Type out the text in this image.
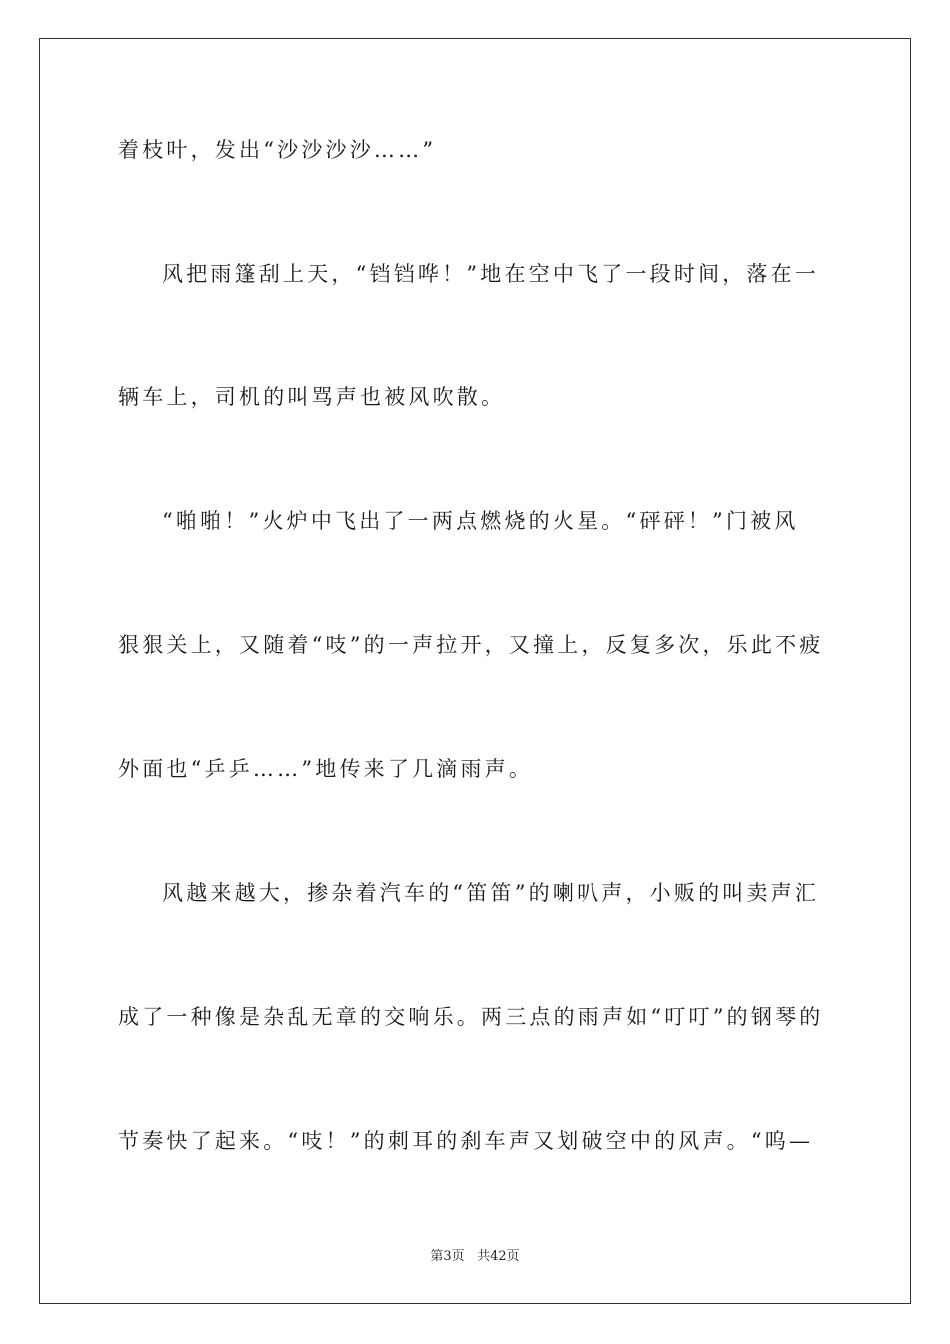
着枝叶，发出“沙沙沙沙……”
风把雨篷刮上天，“铛铛哗！”地在空中飞了一段时间，落在一
辆车上，司机的叫骂声也被风吹散。
“啪啪！”火炉中飞出了一两点燃烧的火星。“砰砰！”门被风
狠狠关上，又随着“吱”的一声拉开，又撞上，反复多次，乐此不疲
外面也“乒乒……”地传来了几滴雨声。
风越来越大，掺杂着汽车的“笛笛”的喇叭声，小贩的叫卖声汇
成了一种像是杂乱无章的交响乐。两三点的雨声如“叮叮”的钢琴的
节奏快了起来。“吱！”的刺耳的刹车声又划破空中的风声。“呜—
第3页 共42页
